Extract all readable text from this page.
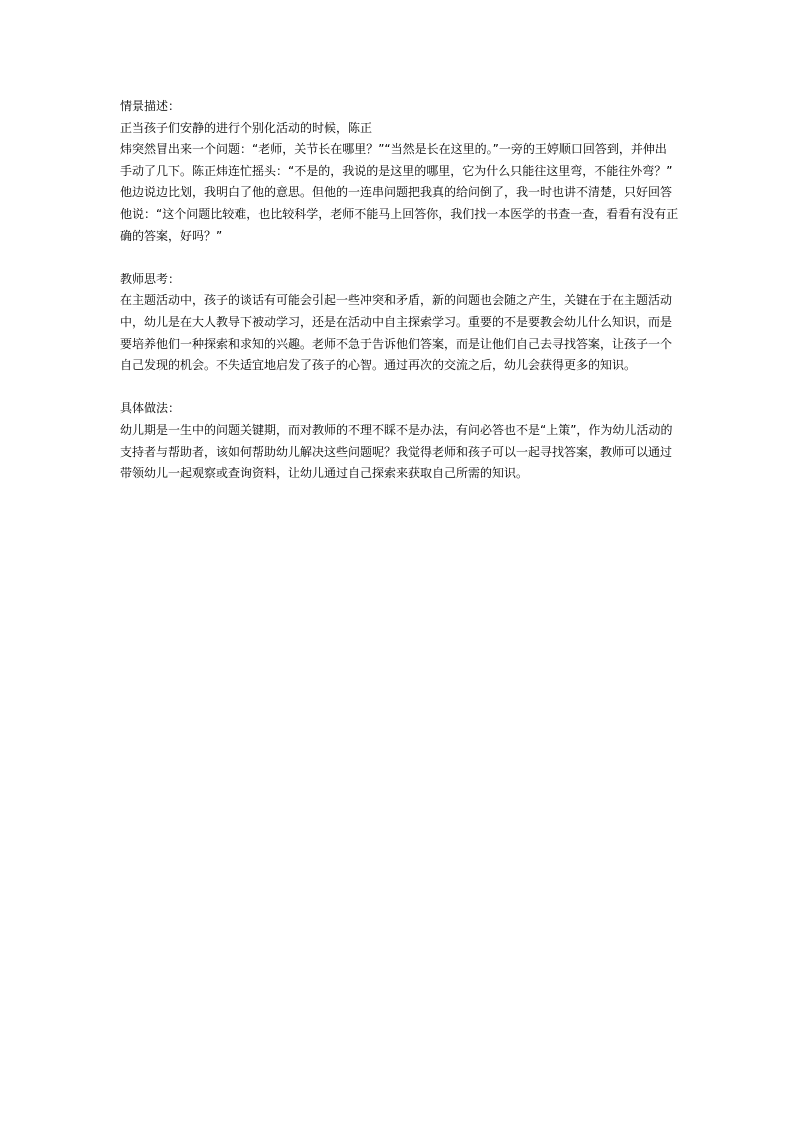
情景描述：

正当孩子们安静的进行个别化活动的时候，陈正

炜突然冒出来一个问题：“老师，关节长在哪里？”“当然是长在这里的。”一旁的王婷顺口回答到，并伸出

手动了几下。陈正炜连忙摇头：“不是的，我说的是这里的哪里，它为什么只能往这里弯，不能往外弯？”

他边说边比划，我明白了他的意思。但他的一连串问题把我真的给问倒了，我一时也讲不清楚，只好回答

他说：“这个问题比较难，也比较科学，老师不能马上回答你，我们找一本医学的书查一查，看看有没有正

确的答案，好吗？”

教师思考：

在主题活动中，孩子的谈话有可能会引起一些冲突和矛盾，新的问题也会随之产生，关键在于在主题活动

中，幼儿是在大人教导下被动学习，还是在活动中自主探索学习。重要的不是要教会幼儿什么知识，而是

要培养他们一种探索和求知的兴趣。老师不急于告诉他们答案，而是让他们自己去寻找答案，让孩子一个

自己发现的机会。不失适宜地启发了孩子的心智。通过再次的交流之后，幼儿会获得更多的知识。

具体做法：

幼儿期是一生中的问题关键期，而对教师的不理不睬不是办法，有问必答也不是“上策”，作为幼儿活动的

支持者与帮助者，该如何帮助幼儿解决这些问题呢？我觉得老师和孩子可以一起寻找答案，教师可以通过

带领幼儿一起观察或查询资料，让幼儿通过自己探索来获取自己所需的知识。
